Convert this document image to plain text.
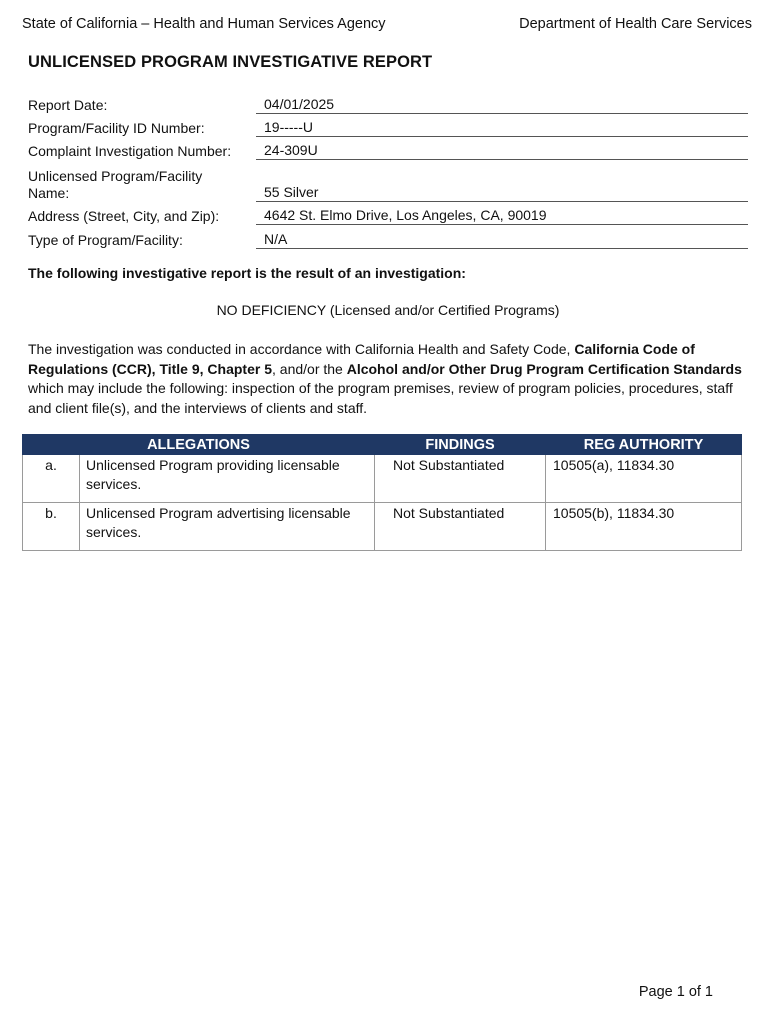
State of California – Health and Human Services Agency	Department of Health Care Services
UNLICENSED PROGRAM INVESTIGATIVE REPORT
Report Date:	04/01/2025
Program/Facility ID Number:	19-----U
Complaint Investigation Number:	24-309U
Unlicensed Program/Facility
Name:	55 Silver
Address (Street, City, and Zip):	4642 St. Elmo Drive, Los Angeles, CA, 90019
Type of Program/Facility:	N/A
The following investigative report is the result of an investigation:
NO DEFICIENCY (Licensed and/or Certified Programs)
The investigation was conducted in accordance with California Health and Safety Code, California Code of Regulations (CCR), Title 9, Chapter 5, and/or the Alcohol and/or Other Drug Program Certification Standards which may include the following: inspection of the program premises, review of program policies, procedures, staff and client file(s), and the interviews of clients and staff.
ALLEGATIONS		FINDINGS	REG AUTHORITY

a.	Unlicensed Program providing licensable services.	Not Substantiated	10505(a), 11834.30

b.	Unlicensed Program advertising licensable services.	Not Substantiated	10505(b), 11834.30
Page 1 of 1
